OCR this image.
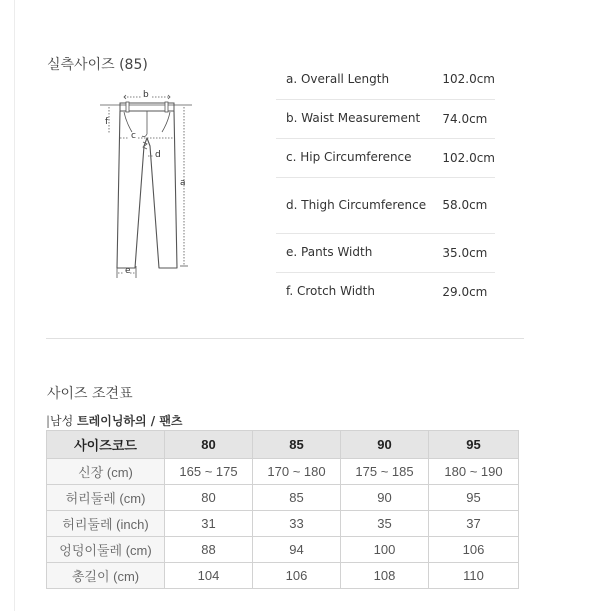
실측사이즈 (85)
b
f
c
d
a
e
a. Overall Length	102.0cm
b. Waist Measurement	74.0cm
c. Hip Circumference	102.0cm
d. Thigh Circumference	58.0cm
e. Pants Width	35.0cm
f. Crotch Width	29.0cm
사이즈 조견표
|남성 트레이닝하의 / 팬츠
사이즈코드	80	85	90	95
신장 (cm)	165 ~ 175	170 ~ 180	175 ~ 185	180 ~ 190
허리둘레 (cm)	80	85	90	95
허리둘레 (inch)	31	33	35	37
엉덩이둘레 (cm)	88	94	100	106
총길이 (cm)	104	106	108	110
